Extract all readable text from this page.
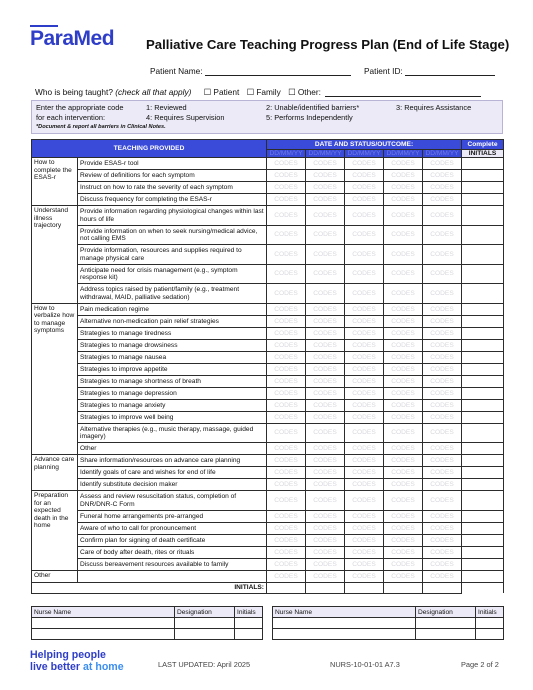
ParaMed Palliative Care Teaching Progress Plan (End of Life Stage)
Patient Name:	Patient ID:
Who is being taught? (check all that apply) ☐ Patient ☐ Family ☐ Other:
Enter the appropriate code
for each intervention:
1: Reviewed
4: Requires Supervision
2: Unable/identified barriers*
5: Performs Independently
3: Requires Assistance
*Document & report all barriers in Clinical Notes.
TEACHING PROVIDED		DATE AND STATUS/OUTCOME:					Complete
		DD/MM/YY	DD/MM/YY	DD/MM/YY	DD/MM/YY	DD/MM/YY	INITIALS
How to complete the ESAS-r	Provide ESAS-r tool	CODES	CODES	CODES	CODES	CODES	
	Review of definitions for each symptom	CODES	CODES	CODES	CODES	CODES	
	Instruct on how to rate the severity of each symptom	CODES	CODES	CODES	CODES	CODES	
	Discuss frequency for completing the ESAS-r	CODES	CODES	CODES	CODES	CODES	
Understand illness trajectory	Provide information regarding physiological changes within last hours of life	CODES	CODES	CODES	CODES	CODES	
	Provide information on when to seek nursing/medical advice, not calling EMS	CODES	CODES	CODES	CODES	CODES	
	Provide information, resources and supplies required to manage physical care	CODES	CODES	CODES	CODES	CODES	
	Anticipate need for crisis management (e.g., symptom response kit)	CODES	CODES	CODES	CODES	CODES	
	Address topics raised by patient/family (e.g., treatment withdrawal, MAID, palliative sedation)	CODES	CODES	CODES	CODES	CODES	
How to verbalize how to manage symptoms	Pain medication regime	CODES	CODES	CODES	CODES	CODES	
	Alternative non-medication pain relief strategies	CODES	CODES	CODES	CODES	CODES	
	Strategies to manage tiredness	CODES	CODES	CODES	CODES	CODES	
	Strategies to manage drowsiness	CODES	CODES	CODES	CODES	CODES	
	Strategies to manage nausea	CODES	CODES	CODES	CODES	CODES	
	Strategies to improve appetite	CODES	CODES	CODES	CODES	CODES	
	Strategies to manage shortness of breath	CODES	CODES	CODES	CODES	CODES	
	Strategies to manage depression	CODES	CODES	CODES	CODES	CODES	
	Strategies to manage anxiety	CODES	CODES	CODES	CODES	CODES	
	Strategies to improve well being	CODES	CODES	CODES	CODES	CODES	
	Alternative therapies (e.g., music therapy, massage, guided imagery)	CODES	CODES	CODES	CODES	CODES	
	Other	CODES	CODES	CODES	CODES	CODES	
Advance care planning	Share information/resources on advance care planning	CODES	CODES	CODES	CODES	CODES	
	Identify goals of care and wishes for end of life	CODES	CODES	CODES	CODES	CODES	
	Identify substitute decision maker	CODES	CODES	CODES	CODES	CODES	
Preparation for an expected death in the home	Assess and review resuscitation status, completion of DNR/DNR-C Form	CODES	CODES	CODES	CODES	CODES	
	Funeral home arrangements pre-arranged	CODES	CODES	CODES	CODES	CODES	
	Aware of who to call for pronouncement	CODES	CODES	CODES	CODES	CODES	
	Confirm plan for signing of death certificate	CODES	CODES	CODES	CODES	CODES	
	Care of body after death, rites or rituals	CODES	CODES	CODES	CODES	CODES	
	Discuss bereavement resources available to family	CODES	CODES	CODES	CODES	CODES	
Other		CODES	CODES	CODES	CODES	CODES	
INITIALS:							
Nurse Name	Designation	Initials

			Nurse Name	Designation	Initials

Helping people
live better at home	LAST UPDATED: April 2025	NURS-10-01-01 A7.3	Page 2 of 2
